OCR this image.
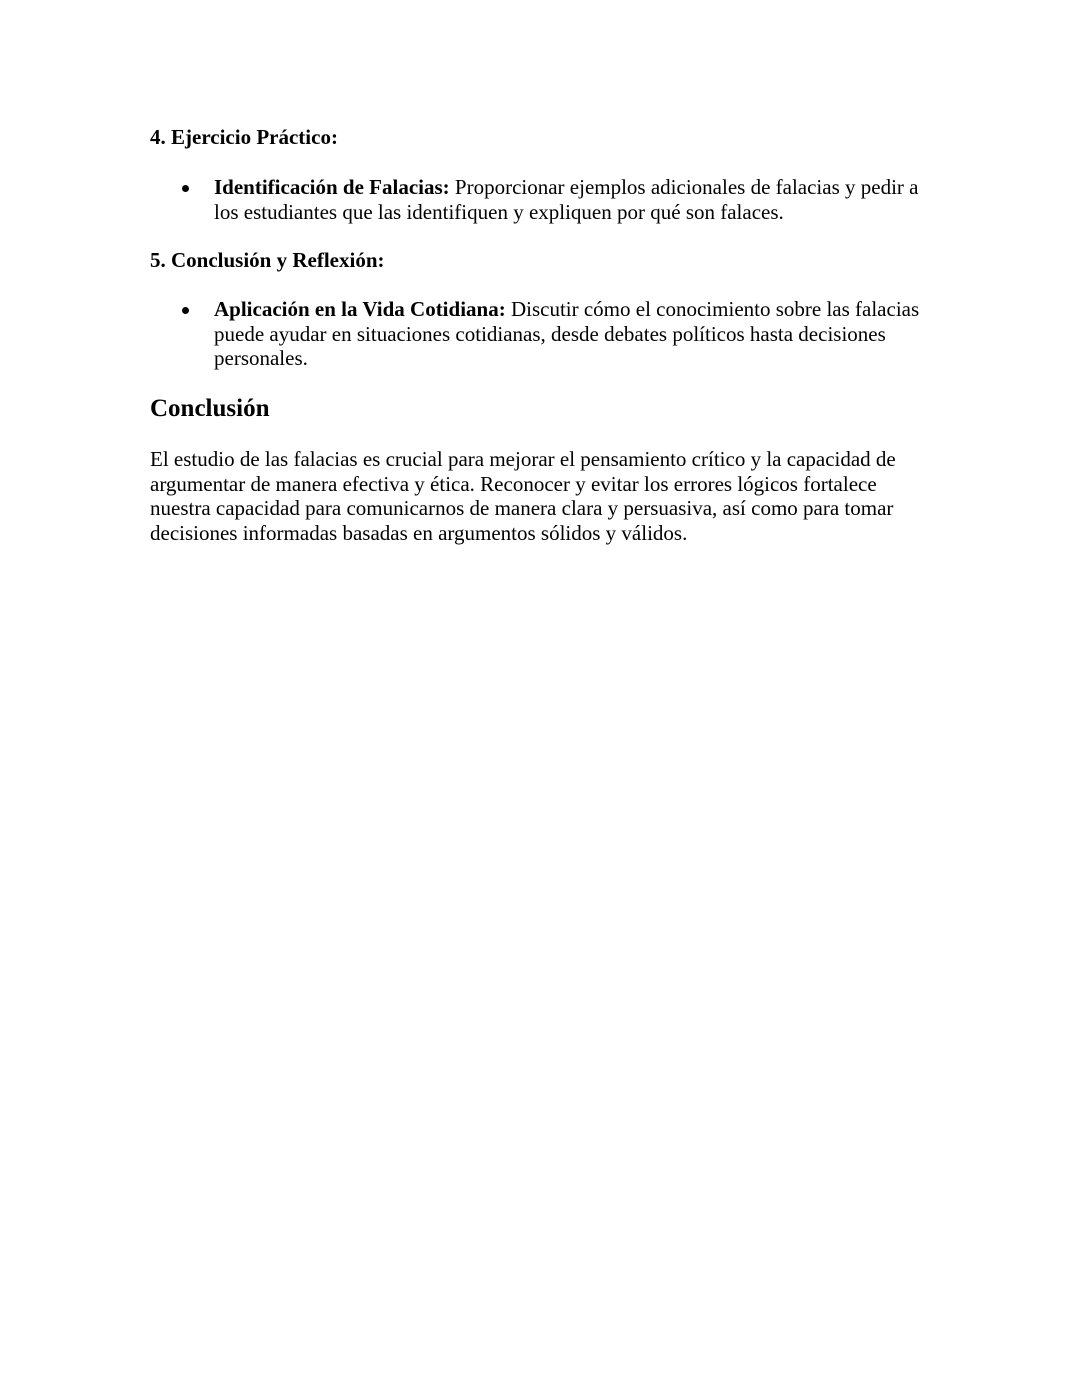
4. Ejercicio Práctico:
Identificación de Falacias: Proporcionar ejemplos adicionales de falacias y pedir a los estudiantes que las identifiquen y expliquen por qué son falaces.
5. Conclusión y Reflexión:
Aplicación en la Vida Cotidiana: Discutir cómo el conocimiento sobre las falacias puede ayudar en situaciones cotidianas, desde debates políticos hasta decisiones personales.
Conclusión

El estudio de las falacias es crucial para mejorar el pensamiento crítico y la capacidad de argumentar de manera efectiva y ética. Reconocer y evitar los errores lógicos fortalece nuestra capacidad para comunicarnos de manera clara y persuasiva, así como para tomar decisiones informadas basadas en argumentos sólidos y válidos.
